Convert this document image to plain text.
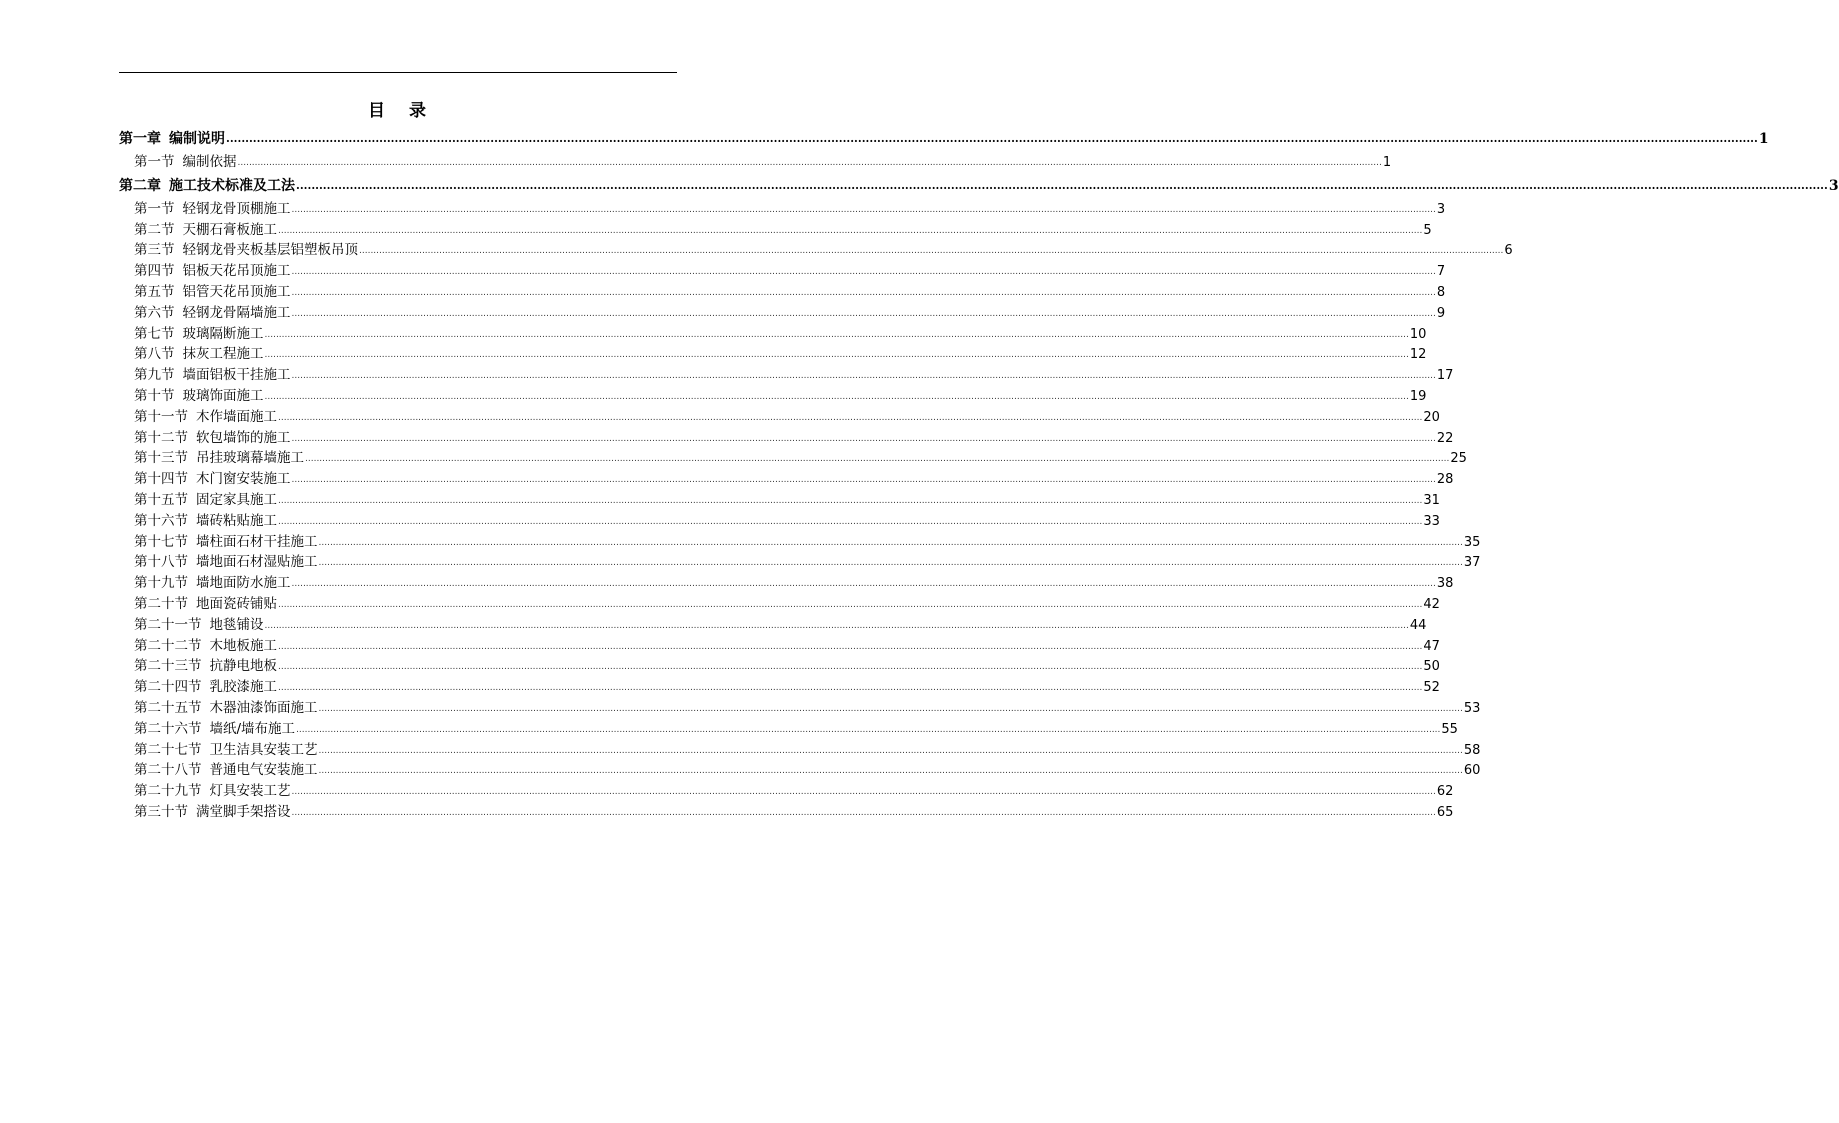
目 录
第一章 编制说明 ................................................................................................................................................................................................................................................................................................................................................................................................................ 1
第一节 编制依据 ................................................................................................................................................................................................................................................................................................................................................................................................................ 1
第二章 施工技术标准及工法 ................................................................................................................................................................................................................................................................................................................................................................................................................ 3
第一节 轻钢龙骨顶棚施工 ................................................................................................................................................................................................................................................................................................................................................................................................................ 3
第二节 天棚石膏板施工 ................................................................................................................................................................................................................................................................................................................................................................................................................ 5
第三节 轻钢龙骨夹板基层铝塑板吊顶 ................................................................................................................................................................................................................................................................................................................................................................................................................ 6
第四节 铝板天花吊顶施工 ................................................................................................................................................................................................................................................................................................................................................................................................................ 7
第五节 铝管天花吊顶施工 ................................................................................................................................................................................................................................................................................................................................................................................................................ 8
第六节 轻钢龙骨隔墙施工 ................................................................................................................................................................................................................................................................................................................................................................................................................ 9
第七节 玻璃隔断施工 ................................................................................................................................................................................................................................................................................................................................................................................................................ 10
第八节 抹灰工程施工 ................................................................................................................................................................................................................................................................................................................................................................................................................ 12
第九节 墙面铝板干挂施工 ................................................................................................................................................................................................................................................................................................................................................................................................................ 17
第十节 玻璃饰面施工 ................................................................................................................................................................................................................................................................................................................................................................................................................ 19
第十一节 木作墙面施工 ................................................................................................................................................................................................................................................................................................................................................................................................................ 20
第十二节 软包墙饰的施工 ................................................................................................................................................................................................................................................................................................................................................................................................................ 22
第十三节 吊挂玻璃幕墙施工 ................................................................................................................................................................................................................................................................................................................................................................................................................ 25
第十四节 木门窗安装施工 ................................................................................................................................................................................................................................................................................................................................................................................................................ 28
第十五节 固定家具施工 ................................................................................................................................................................................................................................................................................................................................................................................................................ 31
第十六节 墙砖粘贴施工 ................................................................................................................................................................................................................................................................................................................................................................................................................ 33
第十七节 墙柱面石材干挂施工 ................................................................................................................................................................................................................................................................................................................................................................................................................ 35
第十八节 墙地面石材湿贴施工 ................................................................................................................................................................................................................................................................................................................................................................................................................ 37
第十九节 墙地面防水施工 ................................................................................................................................................................................................................................................................................................................................................................................................................ 38
第二十节 地面瓷砖铺贴 ................................................................................................................................................................................................................................................................................................................................................................................................................ 42
第二十一节 地毯铺设 ................................................................................................................................................................................................................................................................................................................................................................................................................ 44
第二十二节 木地板施工 ................................................................................................................................................................................................................................................................................................................................................................................................................ 47
第二十三节 抗静电地板 ................................................................................................................................................................................................................................................................................................................................................................................................................ 50
第二十四节 乳胶漆施工 ................................................................................................................................................................................................................................................................................................................................................................................................................ 52
第二十五节 木器油漆饰面施工 ................................................................................................................................................................................................................................................................................................................................................................................................................ 53
第二十六节 墙纸/墙布施工 ................................................................................................................................................................................................................................................................................................................................................................................................................ 55
第二十七节 卫生洁具安装工艺 ................................................................................................................................................................................................................................................................................................................................................................................................................ 58
第二十八节 普通电气安装施工 ................................................................................................................................................................................................................................................................................................................................................................................................................ 60
第二十九节 灯具安装工艺 ................................................................................................................................................................................................................................................................................................................................................................................................................ 62
第三十节 满堂脚手架搭设 ................................................................................................................................................................................................................................................................................................................................................................................................................ 65
